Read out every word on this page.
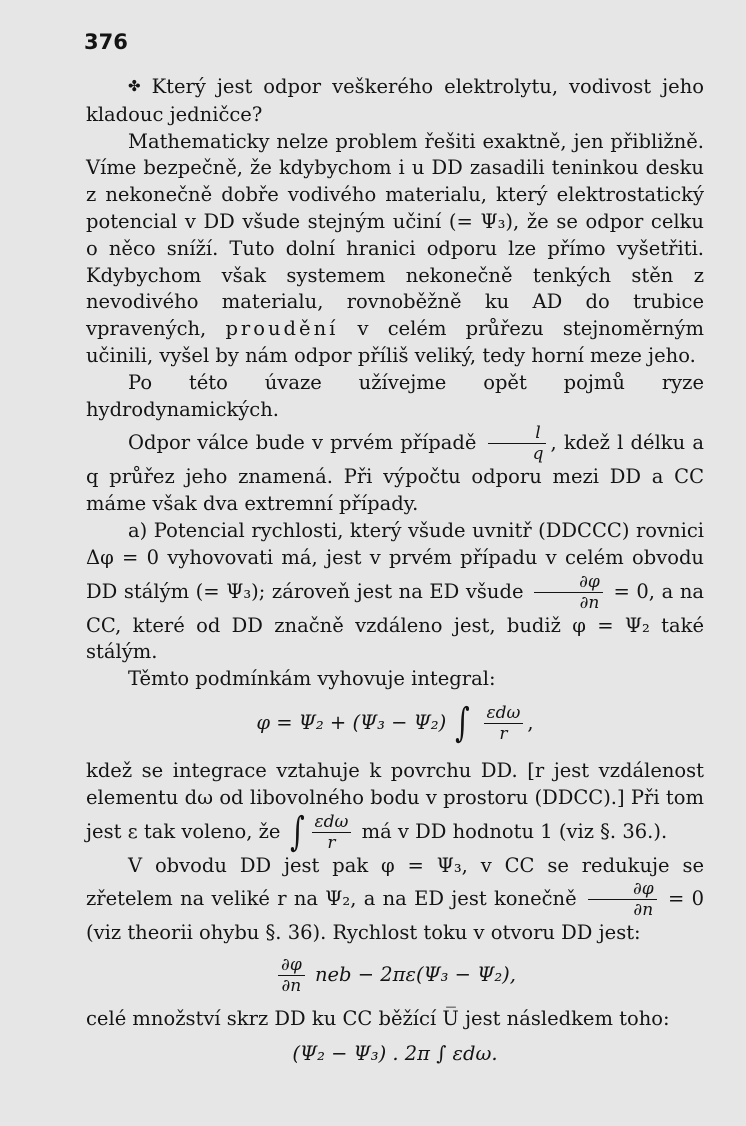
376

✤ Který jest odpor veškerého elektrolytu, vodivost jeho kladouc jedničce?

Mathematicky nelze problem řešiti exaktně, jen přibližně. Víme bezpečně, že kdybychom i u DD zasadili teninkou desku z nekonečně dobře vodivého materialu, který elektrostatický potencial v DD všude stejným učiní (= Ψ₃), že se odpor celku o něco sníží. Tuto dolní hranici odporu lze přímo vyšetřiti. Kdybychom však systemem nekonečně tenkých stěn z nevodivého materialu, rovnoběžně ku AD do trubice vpravených, proudění v celém průřezu stejnoměrným učinili, vyšel by nám odpor příliš veliký, tedy horní meze jeho.

Po této úvaze užívejme opět pojmů ryze hydrodynamických.

Odpor válce bude v prvém případě $\frac{l}{q}$ , kdež l délku a q průřez jeho znamená. Při výpočtu odporu mezi DD a CC máme však dva extremní případy.

a) Potencial rychlosti, který všude uvnitř (DDCCC) rovnici Δφ = 0 vyhovovati má, jest v prvém případu v celém obvodu DD stálým (= Ψ₃); zároveň jest na ED všude $\frac{\partial\varphi}{\partial n} = 0$, a na CC, které od DD značně vzdáleno jest, budiž φ = Ψ₂ také stálým.

Těmto podmínkám vyhovuje integral:

φ = Ψ₂ + (Ψ₃ − Ψ₂) ∫ $\frac{\text{εdω}}{r}$ ,

kdež se integrace vztahuje k povrchu DD. [r jest vzdálenost elementu dω od libovolného bodu v prostoru (DDCC).] Při tom jest ε tak voleno, že ∫ $\frac{\text{εdω}}{r}$ má v DD hodnotu 1 (viz §. 36.).

V obvodu DD jest pak φ = Ψ₃, v CC se redukuje se zřetelem na veliké r na Ψ₂, a na ED jest konečně $\frac{\partial\varphi}{\partial n} = 0$ (viz theorii ohybu §. 36). Rychlost toku v otvoru DD jest:

$\frac{\partial\varphi}{\partial n}$ neb − 2πε(Ψ₃ − Ψ₂),

celé množství skrz DD ku CC běžící U̅ jest následkem toho:

(Ψ₂ − Ψ₃) . 2π ∫ εdω.
